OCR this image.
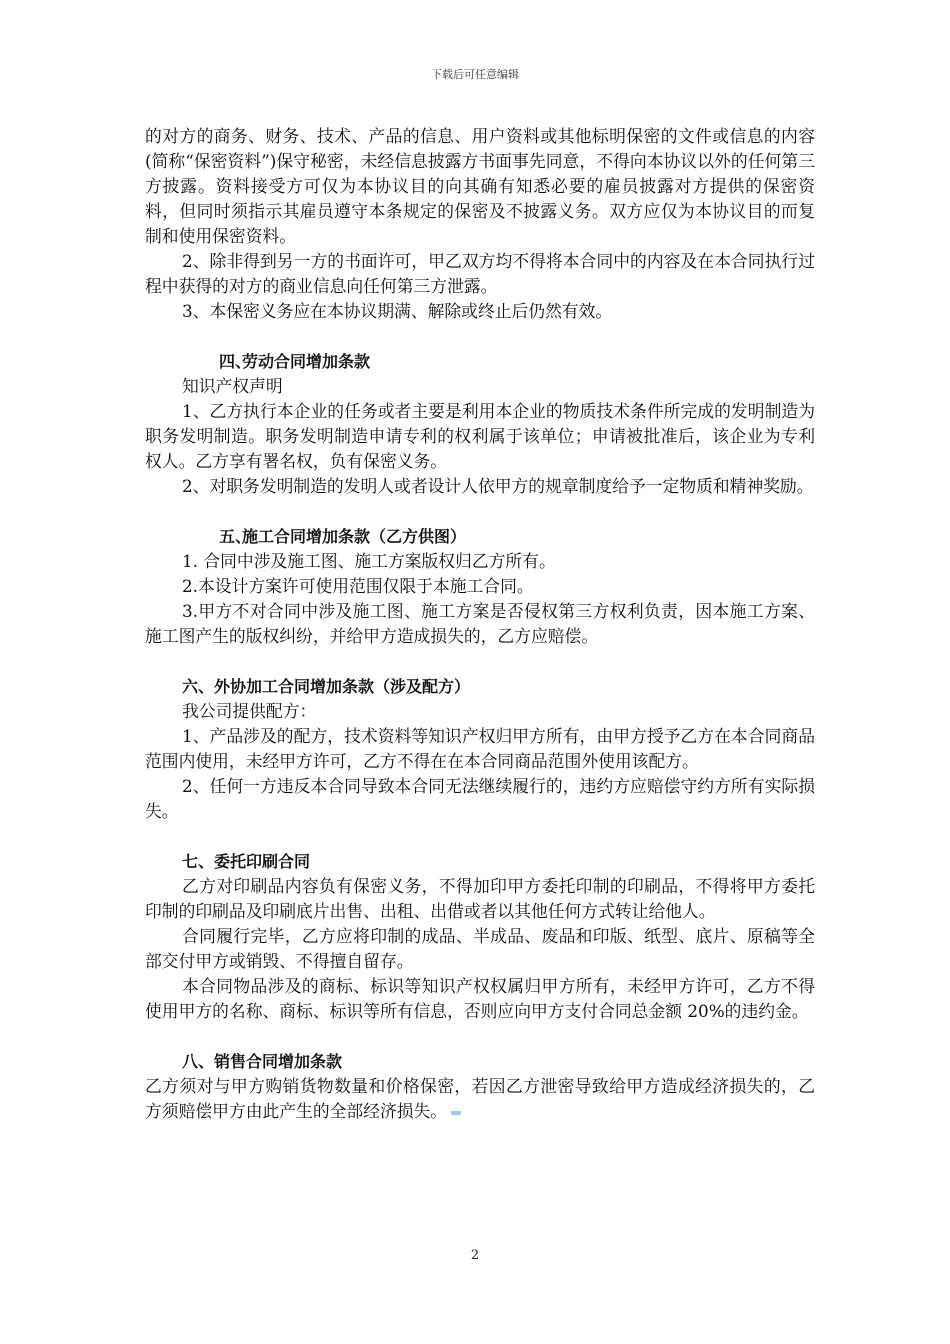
下载后可任意编辑

的对方的商务、财务、技术、产品的信息、用户资料或其他标明保密的文件或信息的内容(简称“保密资料”)保守秘密，未经信息披露方书面事先同意，不得向本协议以外的任何第三方披露。资料接受方可仅为本协议目的向其确有知悉必要的雇员披露对方提供的保密资料，但同时须指示其雇员遵守本条规定的保密及不披露义务。双方应仅为本协议目的而复制和使用保密资料。

2、除非得到另一方的书面许可，甲乙双方均不得将本合同中的内容及在本合同执行过程中获得的对方的商业信息向任何第三方泄露。

3、本保密义务应在本协议期满、解除或终止后仍然有效。

四、劳动合同增加条款

知识产权声明

1、乙方执行本企业的任务或者主要是利用本企业的物质技术条件所完成的发明制造为职务发明制造。职务发明制造申请专利的权利属于该单位；申请被批准后，该企业为专利权人。乙方享有署名权，负有保密义务。

2、对职务发明制造的发明人或者设计人依甲方的规章制度给予一定物质和精神奖励。

五、施工合同增加条款（乙方供图）

1. 合同中涉及施工图、施工方案版权归乙方所有。

2.本设计方案许可使用范围仅限于本施工合同。

3.甲方不对合同中涉及施工图、施工方案是否侵权第三方权利负责，因本施工方案、施工图产生的版权纠纷，并给甲方造成损失的，乙方应赔偿。

六、外协加工合同增加条款（涉及配方）

我公司提供配方：

1、产品涉及的配方，技术资料等知识产权归甲方所有，由甲方授予乙方在本合同商品范围内使用，未经甲方许可，乙方不得在在本合同商品范围外使用该配方。

2、任何一方违反本合同导致本合同无法继续履行的，违约方应赔偿守约方所有实际损失。

七、委托印刷合同

乙方对印刷品内容负有保密义务，不得加印甲方委托印制的印刷品，不得将甲方委托印制的印刷品及印刷底片出售、出租、出借或者以其他任何方式转让给他人。

合同履行完毕，乙方应将印制的成品、半成品、废品和印版、纸型、底片、原稿等全部交付甲方或销毁、不得擅自留存。

本合同物品涉及的商标、标识等知识产权权属归甲方所有，未经甲方许可，乙方不得使用甲方的名称、商标、标识等所有信息，否则应向甲方支付合同总金额 20%的违约金。

八、销售合同增加条款

乙方须对与甲方购销货物数量和价格保密，若因乙方泄密导致给甲方造成经济损失的，乙方须赔偿甲方由此产生的全部经济损失。

2
